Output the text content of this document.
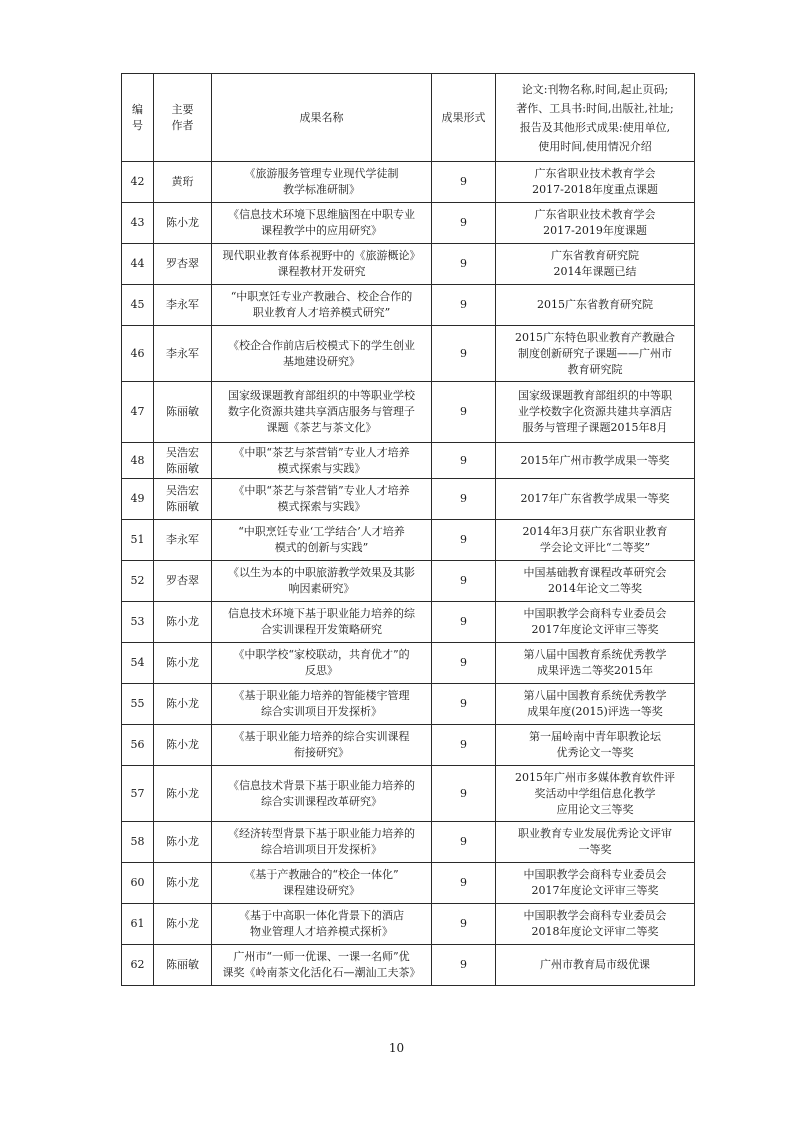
编号	主要作者	成果名称	成果形式	论文:刊物名称,时间,起止页码;
著作、工具书:时间,出版社,社址;
报告及其他形式成果:使用单位,
使用时间,使用情况介绍
42	黄珩	《旅游服务管理专业现代学徒制
教学标准研制》	9	广东省职业技术教育学会
2017-2018年度重点课题
43	陈小龙	《信息技术环境下思维脑图在中职专业
课程教学中的应用研究》	9	广东省职业技术教育学会
2017-2019年度课题
44	罗杏翠	现代职业教育体系视野中的《旅游概论》
课程教材开发研究	9	广东省教育研究院
2014年课题已结
45	李永军	“中职烹饪专业产教融合、校企合作的
职业教育人才培养模式研究”	9	2015广东省教育研究院
46	李永军	《校企合作前店后校模式下的学生创业
基地建设研究》	9	2015广东特色职业教育产教融合
制度创新研究子课题——广州市
教育研究院
47	陈丽敏	国家级课题教育部组织的中等职业学校
数字化资源共建共享酒店服务与管理子
课题《茶艺与茶文化》	9	国家级课题教育部组织的中等职
业学校数字化资源共建共享酒店
服务与管理子课题2015年8月
48	吴浩宏
陈丽敏	《中职“茶艺与茶营销”专业人才培养
模式探索与实践》	9	2015年广州市教学成果一等奖
49	吴浩宏
陈丽敏	《中职“茶艺与茶营销”专业人才培养
模式探索与实践》	9	2017年广东省教学成果一等奖
51	李永军	“中职烹饪专业‘工学结合’人才培养
模式的创新与实践”	9	2014年3月获广东省职业教育
学会论文评比“二等奖”
52	罗杏翠	《以生为本的中职旅游教学效果及其影
响因素研究》	9	中国基础教育课程改革研究会
2014年论文二等奖
53	陈小龙	信息技术环境下基于职业能力培养的综
合实训课程开发策略研究	9	中国职教学会商科专业委员会
2017年度论文评审三等奖
54	陈小龙	《中职学校“家校联动，共育优才”的
反思》	9	第八届中国教育系统优秀教学
成果评选二等奖2015年
55	陈小龙	《基于职业能力培养的智能楼宇管理
综合实训项目开发探析》	9	第八届中国教育系统优秀教学
成果年度(2015)评选一等奖
56	陈小龙	《基于职业能力培养的综合实训课程
衔接研究》	9	第一届岭南中青年职教论坛
优秀论文一等奖
57	陈小龙	《信息技术背景下基于职业能力培养的
综合实训课程改革研究》	9	2015年广州市多媒体教育软件评
奖活动中学组信息化教学
应用论文三等奖
58	陈小龙	《经济转型背景下基于职业能力培养的
综合培训项目开发探析》	9	职业教育专业发展优秀论文评审
一等奖
60	陈小龙	《基于产教融合的“校企一体化”
课程建设研究》	9	中国职教学会商科专业委员会
2017年度论文评审三等奖
61	陈小龙	《基于中高职一体化背景下的酒店
物业管理人才培养模式探析》	9	中国职教学会商科专业委员会
2018年度论文评审二等奖
62	陈丽敏	广州市“一师一优课、一课一名师”优
课奖《岭南茶文化活化石—潮汕工夫茶》	9	广州市教育局市级优课
10
